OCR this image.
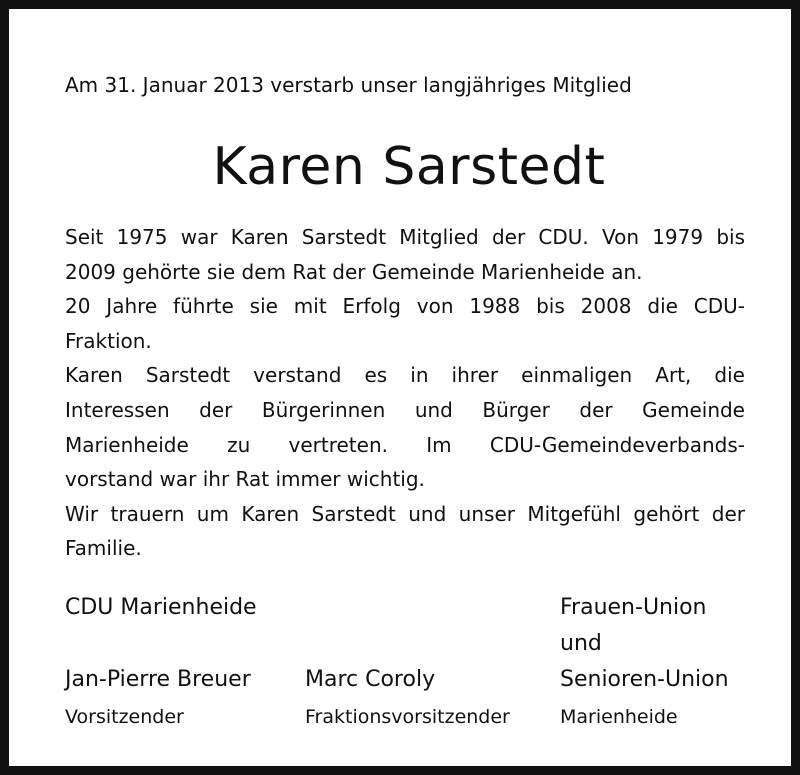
Am 31. Januar 2013 verstarb unser langjähriges Mitglied
Karen Sarstedt
Seit 1975 war Karen Sarstedt Mitglied der CDU. Von 1979 bis
2009 gehörte sie dem Rat der Gemeinde Marienheide an.
20 Jahre führte sie mit Erfolg von 1988 bis 2008 die CDU-
Fraktion.
Karen Sarstedt verstand es in ihrer einmaligen Art, die
Interessen der Bürgerinnen und Bürger der Gemeinde
Marienheide zu vertreten. Im CDU-Gemeindeverbands-
vorstand war ihr Rat immer wichtig.
Wir trauern um Karen Sarstedt und unser Mitgefühl gehört der
Familie.
CDU Marienheide
Jan-Pierre Breuer
Vorsitzender
Marc Coroly
Fraktionsvorsitzender
Frauen-Union
und
Senioren-Union
Marienheide
